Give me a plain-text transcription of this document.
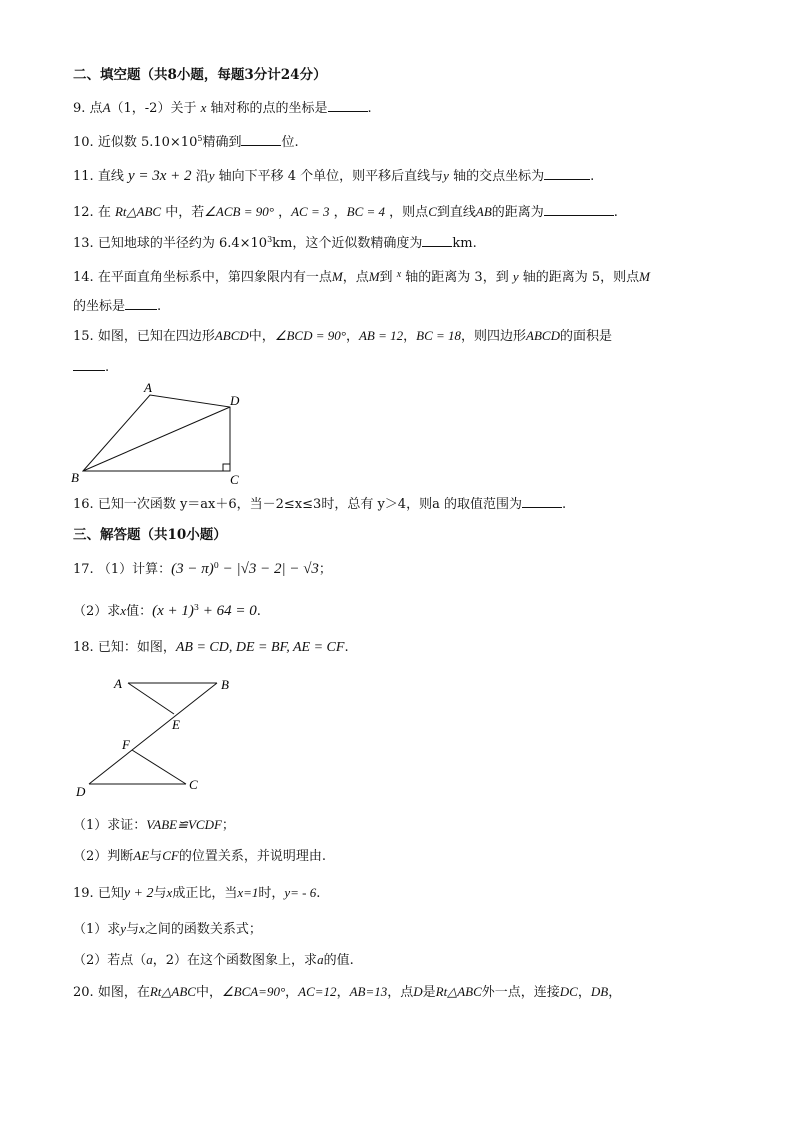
二、填空题（共8小题，每题3分计24分）
9. 点A（1，-2）关于 x 轴对称的点的坐标是	.
10. 近似数 $5.10\times 10^5$精确到	位.
11. 直线 y = 3x + 2 沿y 轴向下平移 4 个单位，则平移后直线与y 轴的交点坐标为	.
12. 在 Rt△ABC 中，若∠ACB = 90° ，AC = 3 ，BC = 4 ，则点C到直线AB的距离为	.
13. 已知地球的半径约为 $6.4\times 10^3km$，这个近似数精确度为 km.
14. 在平面直角坐标系中，第四象限内有一点M，点M到 $^x$ 轴的距离为 3，到 y 轴的距离为 5，则点M
的坐标是 .
15. 如图，已知在四边形ABCD中，∠BCD = 90°，AB = 12，BC = 18，则四边形ABCD的面积是
.
A
B	C
D
16. 已知一次函数 y＝ax＋6，当－2≤x≤3时，总有 y＞4，则a 的取值范围为	.
三、解答题（共10小题）
17. （1）计算：$(3 - \pi)^0 - |√3 - 2| - √3$；
（2）求x值：$(x + 1)^3 + 64 = 0$.
18. 已知：如图，AB = CD, DE = BF, AE = CF.
A	B
E
F
D	C
（1）求证：VABE≌VCDF；
（2）判断AE与CF的位置关系，并说明理由.
19. 已知y + 2与x成正比，当x=1时，y= - 6.
（1）求y与x之间的函数关系式；
（2）若点（a，2）在这个函数图象上，求a的值.
20. 如图，在Rt△ABC中，∠BCA=90°，AC=12，AB=13，点D是Rt△ABC外一点，连接DC，DB，
